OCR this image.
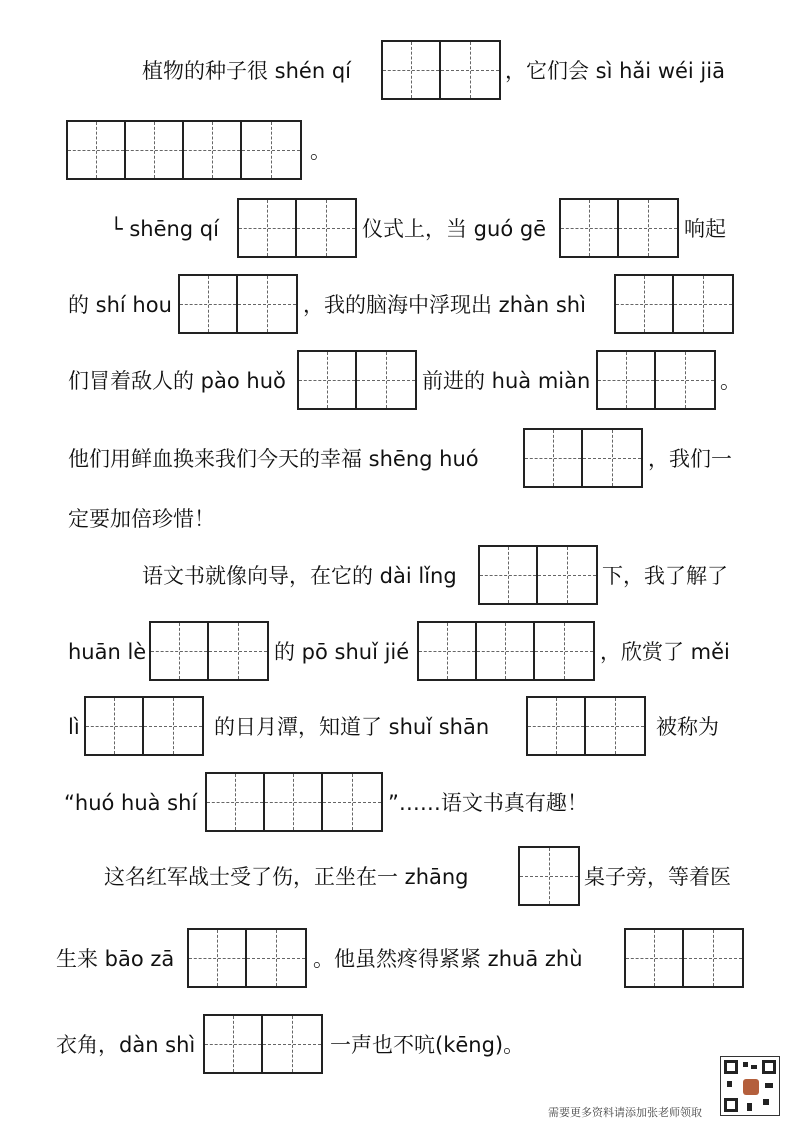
植物的种子很 shén qí	，它们会 sì hǎi wéi jiā
。
└ shēng qí	仪式上，当 guó gē	响起
的 shí hou	，我的脑海中浮现出 zhàn shì
们冒着敌人的 pào huǒ	前进的 huà miàn	。
他们用鲜血换来我们今天的幸福 shēng huó	，我们一
定要加倍珍惜！
语文书就像向导，在它的 dài lǐng	下，我了解了
huān lè	的 pō shuǐ jié	，欣赏了 měi
lì	的日月潭，知道了 shuǐ shān	被称为
“huó huà shí	”……语文书真有趣！
这名红军战士受了伤，正坐在一 zhāng	桌子旁，等着医
生来 bāo zā	。他虽然疼得紧紧 zhuā zhù
衣角，dàn shì	一声也不吭(kēng)。
需要更多资料请添加张老师领取
